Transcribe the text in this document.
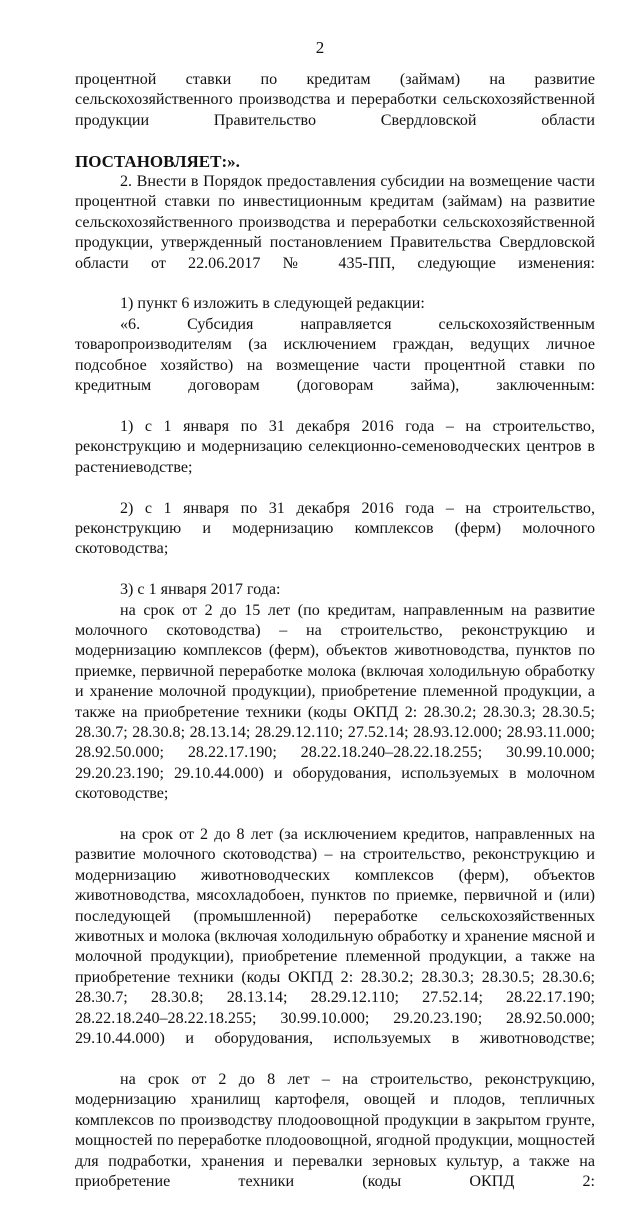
2

процентной ставки по кредитам (займам) на развитие сельскохозяйственного производства и переработки сельскохозяйственной продукции Правительство Свердловской области

ПОСТАНОВЛЯЕТ:».

2. Внести в Порядок предоставления субсидии на возмещение части процентной ставки по инвестиционным кредитам (займам) на развитие сельскохозяйственного производства и переработки сельскохозяйственной продукции, утвержденный постановлением Правительства Свердловской области от 22.06.2017 № 435-ПП, следующие изменения:

1) пункт 6 изложить в следующей редакции:

«6. Субсидия направляется сельскохозяйственным товаропроизводителям (за исключением граждан, ведущих личное подсобное хозяйство) на возмещение части процентной ставки по кредитным договорам (договорам займа), заключенным:

1) с 1 января по 31 декабря 2016 года – на строительство, реконструкцию и модернизацию селекционно-семеноводческих центров в растениеводстве;

2) с 1 января по 31 декабря 2016 года – на строительство, реконструкцию и модернизацию комплексов (ферм) молочного скотоводства;

3) с 1 января 2017 года:

на срок от 2 до 15 лет (по кредитам, направленным на развитие молочного скотоводства) – на строительство, реконструкцию и модернизацию комплексов (ферм), объектов животноводства, пунктов по приемке, первичной переработке молока (включая холодильную обработку и хранение молочной продукции), приобретение племенной продукции, а также на приобретение техники (коды ОКПД 2: 28.30.2; 28.30.3; 28.30.5; 28.30.7; 28.30.8; 28.13.14; 28.29.12.110; 27.52.14; 28.93.12.000; 28.93.11.000; 28.92.50.000; 28.22.17.190; 28.22.18.240–28.22.18.255; 30.99.10.000; 29.20.23.190; 29.10.44.000) и оборудования, используемых в молочном скотоводстве;

на срок от 2 до 8 лет (за исключением кредитов, направленных на развитие молочного скотоводства) – на строительство, реконструкцию и модернизацию животноводческих комплексов (ферм), объектов животноводства, мясохладобоен, пунктов по приемке, первичной и (или) последующей (промышленной) переработке сельскохозяйственных животных и молока (включая холодильную обработку и хранение мясной и молочной продукции), приобретение племенной продукции, а также на приобретение техники (коды ОКПД 2: 28.30.2; 28.30.3; 28.30.5; 28.30.6; 28.30.7; 28.30.8; 28.13.14; 28.29.12.110; 27.52.14; 28.22.17.190; 28.22.18.240–28.22.18.255; 30.99.10.000; 29.20.23.190; 28.92.50.000; 29.10.44.000) и оборудования, используемых в животноводстве;

на срок от 2 до 8 лет – на строительство, реконструкцию, модернизацию хранилищ картофеля, овощей и плодов, тепличных комплексов по производству плодоовощной продукции в закрытом грунте, мощностей по переработке плодоовощной, ягодной продукции, мощностей для подработки, хранения и перевалки зерновых культур, а также на приобретение техники (коды ОКПД 2:
